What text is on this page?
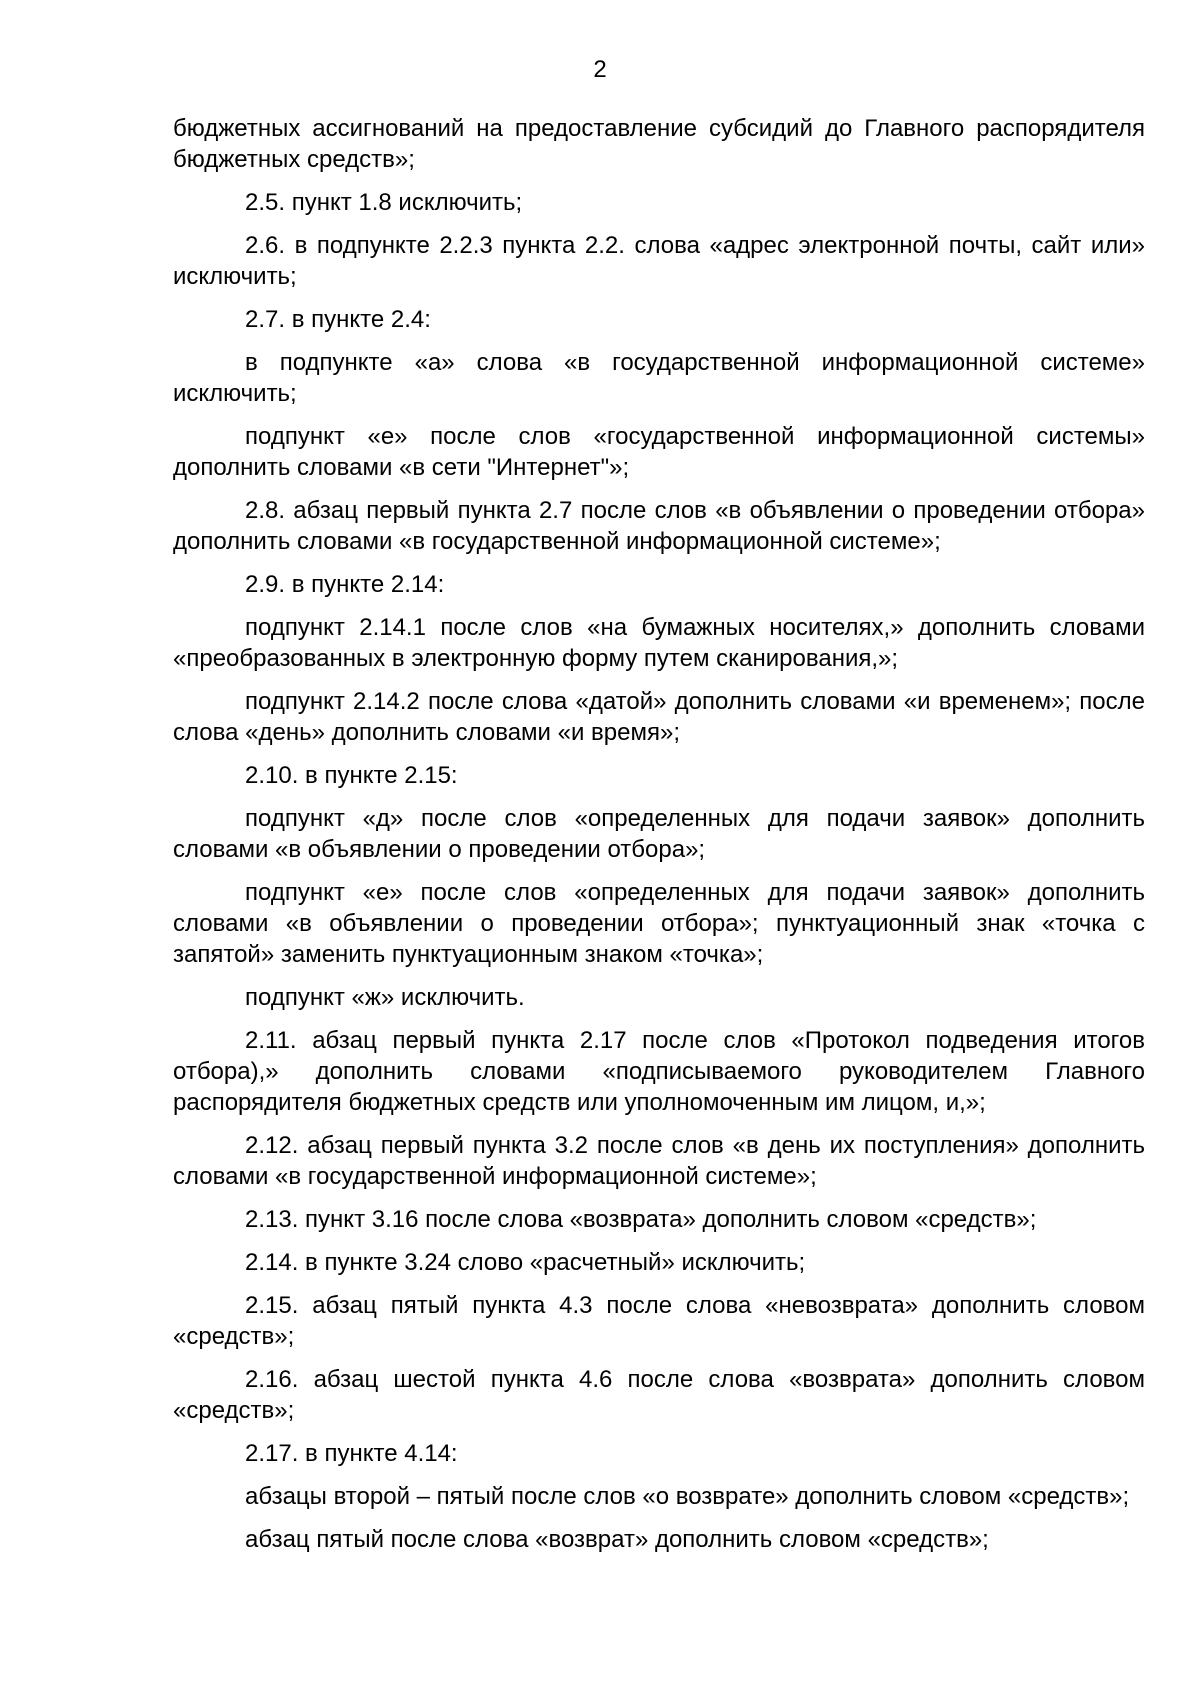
2

бюджетных ассигнований на предоставление субсидий до Главного распорядителя бюджетных средств»;

2.5. пункт 1.8 исключить;

2.6. в подпункте 2.2.3 пункта 2.2. слова «адрес электронной почты, сайт или» исключить;

2.7. в пункте 2.4:

в подпункте «а» слова «в государственной информационной системе» исключить;

подпункт «е» после слов «государственной информационной системы» дополнить словами «в сети "Интернет"»;

2.8. абзац первый пункта 2.7 после слов «в объявлении о проведении отбора» дополнить словами «в государственной информационной системе»;

2.9. в пункте 2.14:

подпункт 2.14.1 после слов «на бумажных носителях,» дополнить словами «преобразованных в электронную форму путем сканирования,»;

подпункт 2.14.2 после слова «датой» дополнить словами «и временем»; после слова «день» дополнить словами «и время»;

2.10. в пункте 2.15:

подпункт «д» после слов «определенных для подачи заявок» дополнить словами «в объявлении о проведении отбора»;

подпункт «е» после слов «определенных для подачи заявок» дополнить словами «в объявлении о проведении отбора»; пунктуационный знак «точка с запятой» заменить пунктуационным знаком «точка»;

подпункт «ж» исключить.

2.11. абзац первый пункта 2.17 после слов «Протокол подведения итогов отбора),» дополнить словами «подписываемого руководителем Главного распорядителя бюджетных средств или уполномоченным им лицом, и,»;

2.12. абзац первый пункта 3.2 после слов «в день их поступления» дополнить словами «в государственной информационной системе»;

2.13. пункт 3.16 после слова «возврата» дополнить словом «средств»;

2.14. в пункте 3.24 слово «расчетный» исключить;

2.15. абзац пятый пункта 4.3 после слова «невозврата» дополнить словом «средств»;

2.16. абзац шестой пункта 4.6 после слова «возврата» дополнить словом «средств»;

2.17. в пункте 4.14:

абзацы второй – пятый после слов «о возврате» дополнить словом «средств»;

абзац пятый после слова «возврат» дополнить словом «средств»;
